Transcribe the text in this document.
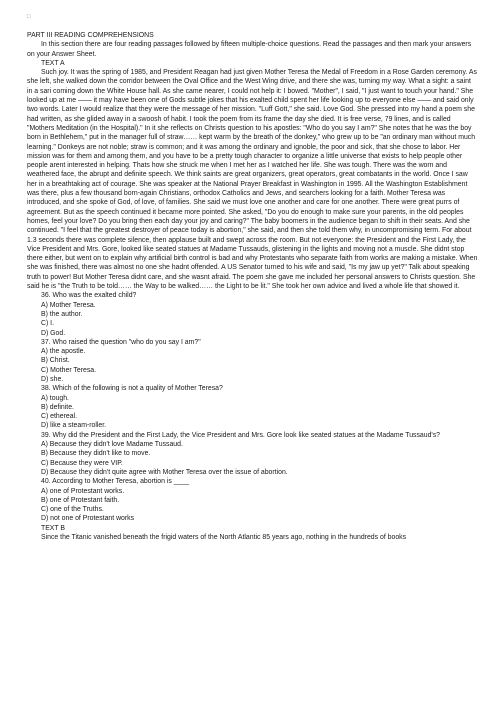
□

PART III READING COMPREHENSIONS

In this section there are four reading passages followed by fifteen multiple-choice questions. Read the passages and then mark your answers on your Answer Sheet.

TEXT A

Such joy. It was the spring of 1985, and President Reagan had just given Mother Teresa the Medal of Freedom in a Rose Garden ceremony. As she left, she walked down the corridor between the Oval Office and the West Wing drive, and there she was, turning my way. What a sight: a saint in a sari coming down the White House hall. As she came nearer, I could not help it: I bowed. "Mother", I said, "I just want to touch your hand." She looked up at me —— it may have been one of Gods subtle jokes that his exalted child spent her life looking up to everyone else —— and said only two words. Later I would realize that they were the message of her mission. "Luff Gott," she said. Love God. She pressed into my hand a poem she had written, as she glided away in a swoosh of habit. I took the poem from its frame the day she died. It is free verse, 79 lines, and is called "Mothers Meditation (in the Hospital)." In it she reflects on Christs question to his apostles: "Who do you say I am?" She notes that he was the boy born in Bethlehem," put in the manager full of straw…… kept warm by the breath of the donkey," who grew up to be "an ordinary man without much learning." Donkeys are not noble; straw is common; and it was among the ordinary and ignoble, the poor and sick, that she chose to labor. Her mission was for them and among them, and you have to be a pretty tough character to organize a little universe that exists to help people other people arent interested in helping. Thats how she struck me when I met her as I watched her life. She was tough. There was the worn and weathered face, the abrupt and definite speech. We think saints are great organizers, great operators, great combatants in the world. Once I saw her in a breathtaking act of courage. She was speaker at the National Prayer Breakfast in Washington in 1995. All the Washington Establishment was there, plus a few thousand born-again Christians, orthodox Catholics and Jews, and searchers looking for a faith. Mother Teresa was introduced, and she spoke of God, of love, of families. She said we must love one another and care for one another. There were great purrs of agreement. But as the speech continued it became more pointed. She asked, "Do you do enough to make sure your parents, in the old peoples homes, feel your love? Do you bring then each day your joy and caring?" The baby boomers in the audience began to shift in their seats. And she continued. "I feel that the greatest destroyer of peace today is abortion," she said, and then she told them why, in uncompromising term. For about 1.3 seconds there was complete silence, then applause built and swept across the room. But not everyone: the President and the First Lady, the Vice President and Mrs. Gore, looked like seated statues at Madame Tussauds, glistening in the lights and moving not a muscle. She didnt stop there either, but went on to explain why artificial birth control is bad and why Protestants who separate faith from works are making a mistake. When she was finished, there was almost no one she hadnt offended. A US Senator turned to his wife and said, "Is my jaw up yet?" Talk about speaking truth to power! But Mother Teresa didnt care, and she wasnt afraid. The poem she gave me included her personal answers to Christs question. She said he is "the Truth to be told…… the Way to be walked…… the Light to be lit." She took her own advice and lived a whole life that showed it.

36. Who was the exalted child?

A) Mother Teresa.

B) the author.

C) I.

D) God.

37. Who raised the question "who do you say I am?"

A) the apostle.

B) Christ.

C) Mother Teresa.

D) she.

38. Which of the following is not a quality of Mother Teresa?

A) tough.

B) definite.

C) ethereal.

D) like a steam-roller.

39. Why did the President and the First Lady, the Vice President and Mrs. Gore look like seated statues at the Madame Tussaud's?

A) Because they didn't love Madame Tussaud.

B) Because they didn't like to move.

C) Because they were VIP.

D) Because they didn't quite agree with Mother Teresa over the issue of abortion.

40. According to Mother Teresa, abortion is ____

A) one of Protestant works.

B) one of Protestant faith.

C) one of the Truths.

D) not one of Protestant works

TEXT B

Since the Titanic vanished beneath the frigid waters of the North Atlantic 85 years ago, nothing in the hundreds of books
